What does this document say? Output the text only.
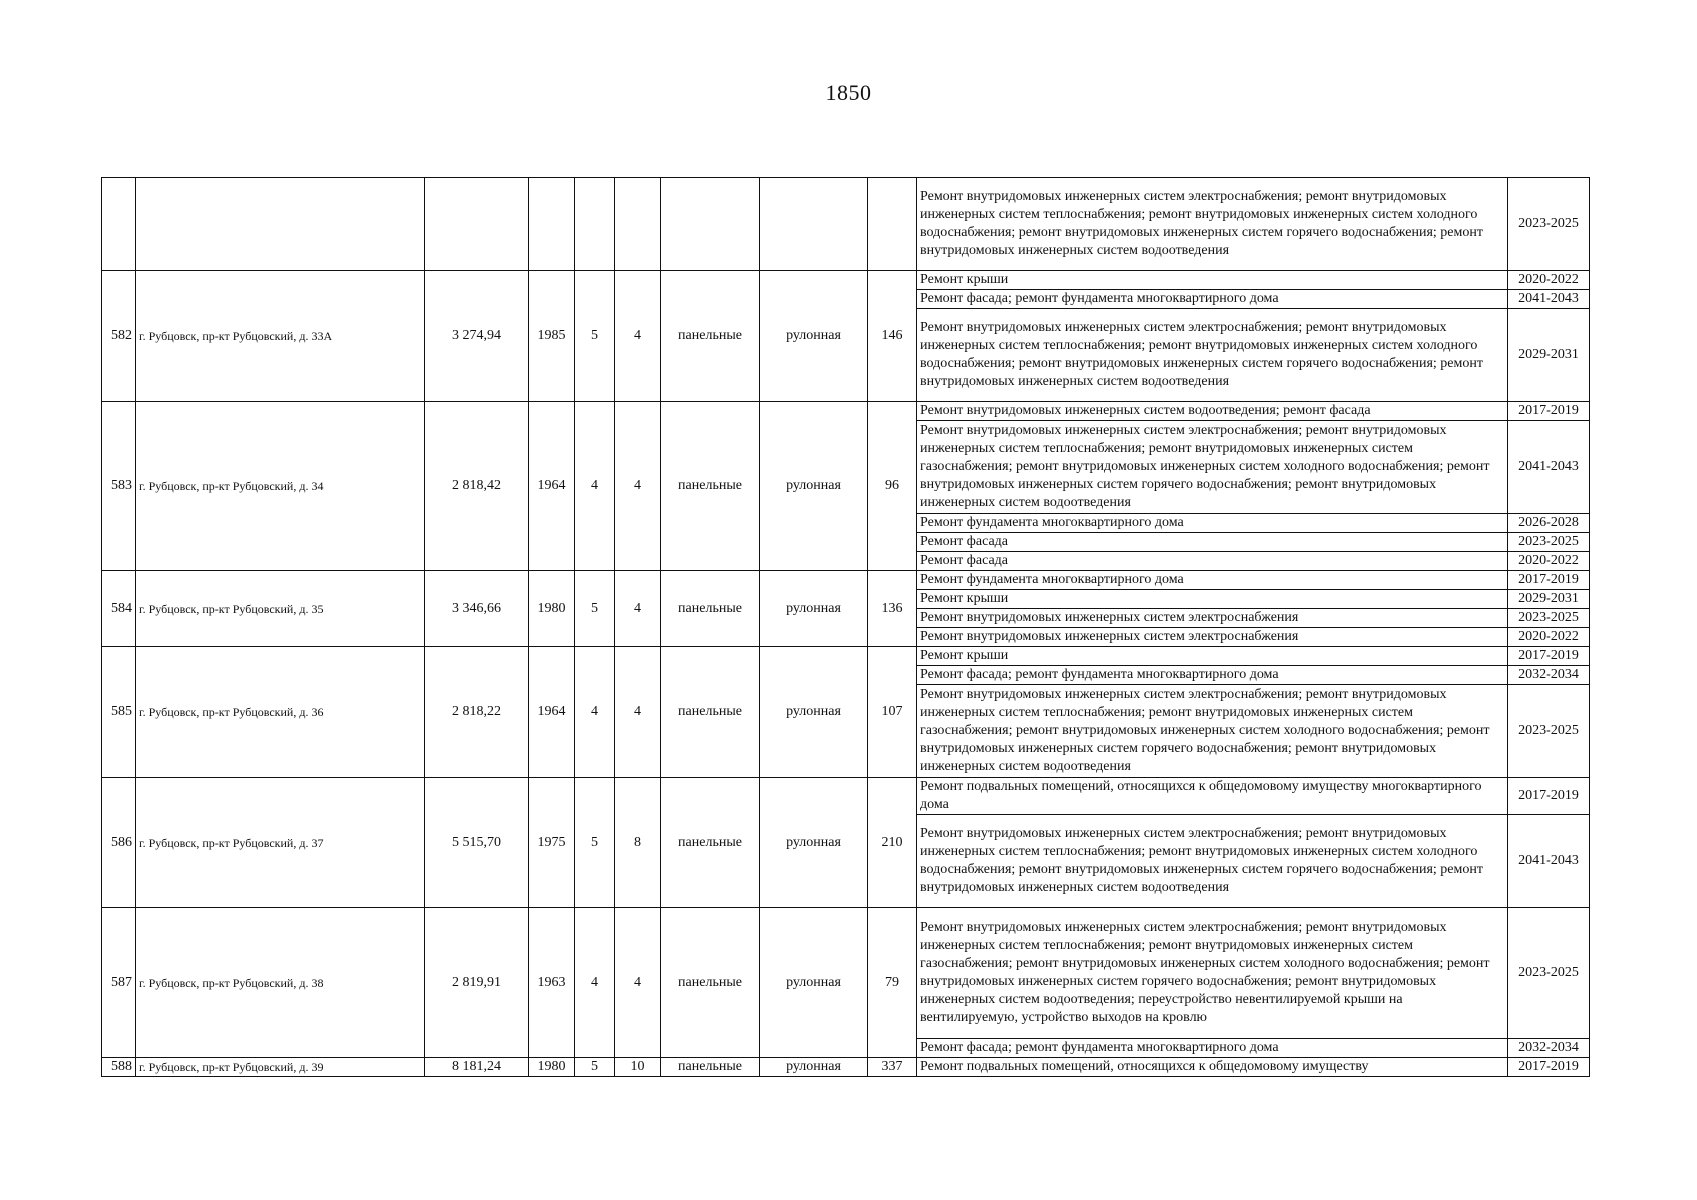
1850
									Ремонт внутридомовых инженерных систем электроснабжения; ремонт внутридомовых инженерных систем теплоснабжения; ремонт внутридомовых инженерных систем холодного водоснабжения; ремонт внутридомовых инженерных систем горячего водоснабжения; ремонт внутридомовых инженерных систем водоотведения	2023-2025
582	г. Рубцовск, пр-кт Рубцовский, д. 33А	3 274,94	1985	5	4	панельные	рулонная	146	Ремонт крыши	2020-2022
									Ремонт фасада; ремонт фундамента многоквартирного дома	2041-2043
									Ремонт внутридомовых инженерных систем электроснабжения; ремонт внутридомовых инженерных систем теплоснабжения; ремонт внутридомовых инженерных систем холодного водоснабжения; ремонт внутридомовых инженерных систем горячего водоснабжения; ремонт внутридомовых инженерных систем водоотведения	2029-2031
583	г. Рубцовск, пр-кт Рубцовский, д. 34	2 818,42	1964	4	4	панельные	рулонная	96	Ремонт внутридомовых инженерных систем водоотведения; ремонт фасада	2017-2019
									Ремонт внутридомовых инженерных систем электроснабжения; ремонт внутридомовых инженерных систем теплоснабжения; ремонт внутридомовых инженерных систем газоснабжения; ремонт внутридомовых инженерных систем холодного водоснабжения; ремонт внутридомовых инженерных систем горячего водоснабжения; ремонт внутридомовых инженерных систем водоотведения	2041-2043
									Ремонт фундамента многоквартирного дома	2026-2028
									Ремонт фасада	2023-2025
									Ремонт фасада	2020-2022
584	г. Рубцовск, пр-кт Рубцовский, д. 35	3 346,66	1980	5	4	панельные	рулонная	136	Ремонт фундамента многоквартирного дома	2017-2019
									Ремонт крыши	2029-2031
									Ремонт внутридомовых инженерных систем электроснабжения	2023-2025
									Ремонт внутридомовых инженерных систем электроснабжения	2020-2022
585	г. Рубцовск, пр-кт Рубцовский, д. 36	2 818,22	1964	4	4	панельные	рулонная	107	Ремонт крыши	2017-2019
									Ремонт фасада; ремонт фундамента многоквартирного дома	2032-2034
									Ремонт внутридомовых инженерных систем электроснабжения; ремонт внутридомовых инженерных систем теплоснабжения; ремонт внутридомовых инженерных систем газоснабжения; ремонт внутридомовых инженерных систем холодного водоснабжения; ремонт внутридомовых инженерных систем горячего водоснабжения; ремонт внутридомовых инженерных систем водоотведения	2023-2025
586	г. Рубцовск, пр-кт Рубцовский, д. 37	5 515,70	1975	5	8	панельные	рулонная	210	Ремонт подвальных помещений, относящихся к общедомовому имуществу многоквартирного дома	2017-2019
									Ремонт внутридомовых инженерных систем электроснабжения; ремонт внутридомовых инженерных систем теплоснабжения; ремонт внутридомовых инженерных систем холодного водоснабжения; ремонт внутридомовых инженерных систем горячего водоснабжения; ремонт внутридомовых инженерных систем водоотведения	2041-2043
587	г. Рубцовск, пр-кт Рубцовский, д. 38	2 819,91	1963	4	4	панельные	рулонная	79	Ремонт внутридомовых инженерных систем электроснабжения; ремонт внутридомовых инженерных систем теплоснабжения; ремонт внутридомовых инженерных систем газоснабжения; ремонт внутридомовых инженерных систем холодного водоснабжения; ремонт внутридомовых инженерных систем горячего водоснабжения; ремонт внутридомовых инженерных систем водоотведения; переустройство невентилируемой крыши на вентилируемую, устройство выходов на кровлю	2023-2025
									Ремонт фасада; ремонт фундамента многоквартирного дома	2032-2034
588	г. Рубцовск, пр-кт Рубцовский, д. 39	8 181,24	1980	5	10	панельные	рулонная	337	Ремонт подвальных помещений, относящихся к общедомовому имуществу	2017-2019
